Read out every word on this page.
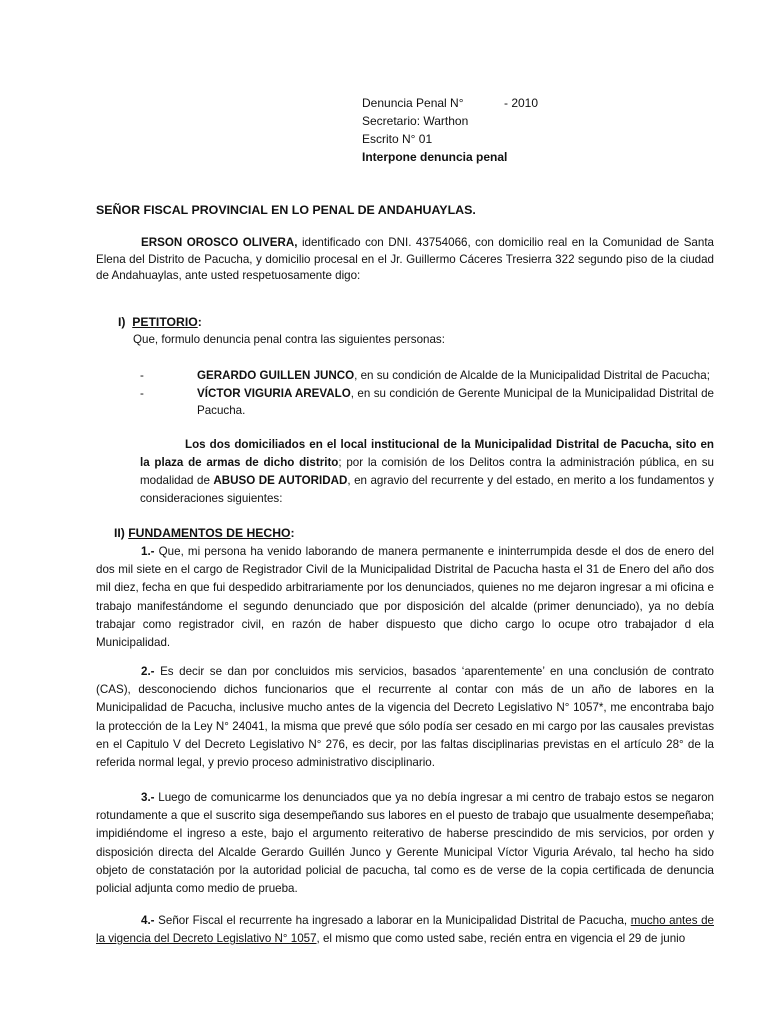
Denuncia Penal N°	- 2010
Secretario: Warthon
Escrito N° 01
Interpone denuncia penal
SEÑOR FISCAL PROVINCIAL EN LO PENAL DE ANDAHUAYLAS.
ERSON OROSCO OLIVERA, identificado con DNI. 43754066, con domicilio real en la Comunidad de Santa Elena del Distrito de Pacucha, y domicilio procesal en el Jr. Guillermo Cáceres Tresierra 322 segundo piso de la ciudad de Andahuaylas, ante usted respetuosamente digo:
I) PETITORIO:
Que, formulo denuncia penal contra las siguientes personas:
-	GERARDO GUILLEN JUNCO, en su condición de Alcalde de la Municipalidad Distrital de Pacucha;
-	VÍCTOR VIGURIA AREVALO, en su condición de Gerente Municipal de la Municipalidad Distrital de Pacucha.
Los dos domiciliados en el local institucional de la Municipalidad Distrital de Pacucha, sito en la plaza de armas de dicho distrito; por la comisión de los Delitos contra la administración pública, en su modalidad de ABUSO DE AUTORIDAD, en agravio del recurrente y del estado, en merito a los fundamentos y consideraciones siguientes:
II) FUNDAMENTOS DE HECHO:
1.- Que, mi persona ha venido laborando de manera permanente e ininterrumpida desde el dos de enero del dos mil siete en el cargo de Registrador Civil de la Municipalidad Distrital de Pacucha hasta el 31 de Enero del año dos mil diez, fecha en que fui despedido arbitrariamente por los denunciados, quienes no me dejaron ingresar a mi oficina e trabajo manifestándome el segundo denunciado que por disposición del alcalde (primer denunciado), ya no debía trabajar como registrador civil, en razón de haber dispuesto que dicho cargo lo ocupe otro trabajador d ela Municipalidad.
2.- Es decir se dan por concluidos mis servicios, basados ‘aparentemente’ en una conclusión de contrato (CAS), desconociendo dichos funcionarios que el recurrente al contar con más de un año de labores en la Municipalidad de Pacucha, inclusive mucho antes de la vigencia del Decreto Legislativo N° 1057*, me encontraba bajo la protección de la Ley N° 24041, la misma que prevé que sólo podía ser cesado en mi cargo por las causales previstas en el Capitulo V del Decreto Legislativo N° 276, es decir, por las faltas disciplinarias previstas en el artículo 28° de la referida normal legal, y previo proceso administrativo disciplinario.
3.- Luego de comunicarme los denunciados que ya no debía ingresar a mi centro de trabajo estos se negaron rotundamente a que el suscrito siga desempeñando sus labores en el puesto de trabajo que usualmente desempeñaba; impidiéndome el ingreso a este, bajo el argumento reiterativo de haberse prescindido de mis servicios, por orden y disposición directa del Alcalde Gerardo Guillén Junco y Gerente Municipal Víctor Viguria Arévalo, tal hecho ha sido objeto de constatación por la autoridad policial de pacucha, tal como es de verse de la copia certificada de denuncia policial adjunta como medio de prueba.
4.- Señor Fiscal el recurrente ha ingresado a laborar en la Municipalidad Distrital de Pacucha, mucho antes de la vigencia del Decreto Legislativo N° 1057, el mismo que como usted sabe, recién entra en vigencia el 29 de junio
